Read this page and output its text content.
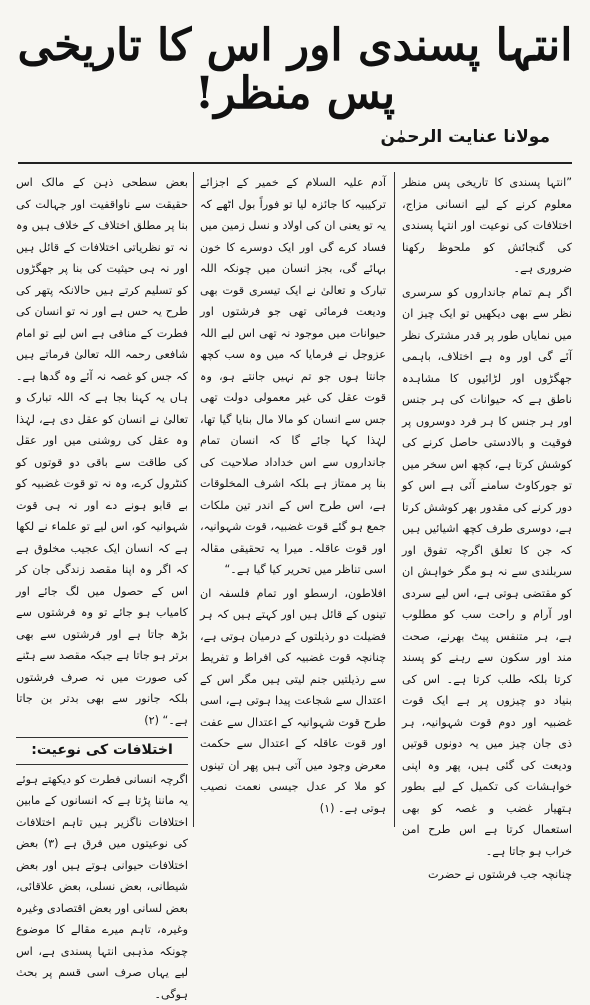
انتہا پسندی اور اس کا تاریخی پس منظر!
مولانا عنایت الرحمٰن

”انتہا پسندی کا تاریخی پس منظر معلوم کرنے کے لیے انسانی مزاج، اختلافات کی نوعیت اور انتہا پسندی کی گنجائش کو ملحوظ رکھنا ضروری ہے۔

اگر ہم تمام جانداروں کو سرسری نظر سے بھی دیکھیں تو ایک چیز ان میں نمایاں طور پر قدر مشترک نظر آئے گی اور وہ ہے اختلاف، باہمی جھگڑوں اور لڑائیوں کا مشاہدہ ناطق ہے کہ حیوانات کی ہر جنس اور ہر جنس کا ہر فرد دوسروں پر فوقیت و بالادستی حاصل کرنے کی کوشش کرتا ہے، کچھ اس سخر میں تو جورکاوٹ سامنے آئی ہے اس کو دور کرنے کی مقدور بھر کوشش کرتا ہے، دوسری طرف کچھ اشیائیں ہیں کہ جن کا تعلق اگرچہ تفوق اور سربلندی سے نہ ہو مگر خواہش ان کو مقتضی ہوتی ہے، اس لیے سردی اور آرام و راحت سب کو مطلوب ہے، ہر متنفس پیٹ بھرنے، صحت مند اور سکون سے رہنے کو پسند کرتا بلکہ طلب کرتا ہے۔ اس کی بنیاد دو چیزوں پر ہے ایک قوت غضبیہ اور دوم قوت شہوانیہ، ہر ذی جان چیز میں یہ دونوں قوتیں ودیعت کی گئی ہیں، پھر وہ اپنی خواہشات کی تکمیل کے لیے بطور ہتھیار غضب و غصہ کو بھی استعمال کرتا ہے اس طرح امن خراب ہو جاتا ہے۔

چنانچہ جب فرشتوں نے حضرت

آدم علیہ السلام کے خمیر کے اجزائے ترکیبیہ کا جائزہ لیا تو فوراً بول اٹھے کہ یہ تو یعنی ان کی اولاد و نسل زمین میں فساد کرے گی اور ایک دوسرے کا خون بہائے گی، بجز انسان میں چونکہ اللہ تبارک و تعالیٰ نے ایک تیسری قوت بھی ودیعت فرمائی تھی جو فرشتوں اور حیوانات میں موجود نہ تھی اس لیے اللہ عزوجل نے فرمایا کہ میں وہ سب کچھ جانتا ہوں جو تم نہیں جانتے ہو، وہ قوت عقل کی غیر معمولی دولت تھی جس سے انسان کو مالا مال بنایا گیا تھا، لہٰذا کہا جائے گا کہ انسان تمام جانداروں سے اس خداداد صلاحیت کی بنا پر ممتاز ہے بلکہ اشرف المخلوقات ہے، اس طرح اس کے اندر تین ملکات جمع ہو گئے قوت غضبیہ، قوت شہوانیہ، اور قوت عاقلہ۔ میرا یہ تحقیقی مقالہ اسی تناظر میں تحریر کیا گیا ہے۔“

افلاطون، ارسطو اور تمام فلسفہ ان تینوں کے قائل ہیں اور کہتے ہیں کہ ہر فضیلت دو رذیلتوں کے درمیان ہوتی ہے، چنانچہ قوت غضبیہ کی افراط و تفریط سے رذیلتیں جنم لیتی ہیں مگر اس کے اعتدال سے شجاعت پیدا ہوتی ہے، اسی طرح قوت شہوانیہ کے اعتدال سے عفت اور قوت عاقلہ کے اعتدال سے حکمت معرض وجود میں آتی ہیں پھر ان تینوں کو ملا کر عدل جیسی نعمت نصیب ہوتی ہے۔ (۱)

بعض سطحی ذہن کے مالک اس حقیقت سے ناواقفیت اور جہالت کی بنا پر مطلق اختلاف کے خلاف ہیں وہ نہ تو نظریاتی اختلافات کے قائل ہیں اور نہ ہی حیثیت کی بنا پر جھگڑوں کو تسلیم کرتے ہیں حالانکہ پتھر کی طرح یہ حس ہے اور نہ تو انسان کی فطرت کے منافی ہے اس لیے تو امام شافعی رحمہ اللہ تعالیٰ فرماتے ہیں کہ جس کو غصہ نہ آئے وہ گدھا ہے۔ ہاں یہ کہنا بجا ہے کہ اللہ تبارک و تعالیٰ نے انسان کو عقل دی ہے، لہٰذا وہ عقل کی روشنی میں اور عقل کی طاقت سے باقی دو قوتوں کو کنٹرول کرے، وہ نہ تو قوت غضبیہ کو بے قابو ہونے دے اور نہ ہی قوت شہوانیہ کو، اس لیے تو علماء نے لکھا ہے کہ انسان ایک عجیب مخلوق ہے کہ اگر وہ اپنا مقصد زندگی جان کر اس کے حصول میں لگ جائے اور کامیاب ہو جائے تو وہ فرشتوں سے بڑھ جاتا ہے اور فرشتوں سے بھی برتر ہو جاتا ہے جبکہ مقصد سے ہٹنے کی صورت میں نہ صرف فرشتوں بلکہ جانور سے بھی بدتر بن جاتا ہے۔“ (۲)

اختلافات کی نوعیت:

اگرچہ انسانی فطرت کو دیکھتے ہوئے یہ ماننا پڑتا ہے کہ انسانوں کے مابین اختلافات ناگزیر ہیں تاہم اختلافات کی نوعیتوں میں فرق ہے (۳) بعض اختلافات حیوانی ہوتے ہیں اور بعض شیطانی، بعض نسلی، بعض علاقائی، بعض لسانی اور بعض اقتصادی وغیرہ وغیرہ، تاہم میرے مقالے کا موضوع چونکہ مذہبی انتہا پسندی ہے، اس لیے یہاں صرف اسی قسم پر بحث ہوگی۔
